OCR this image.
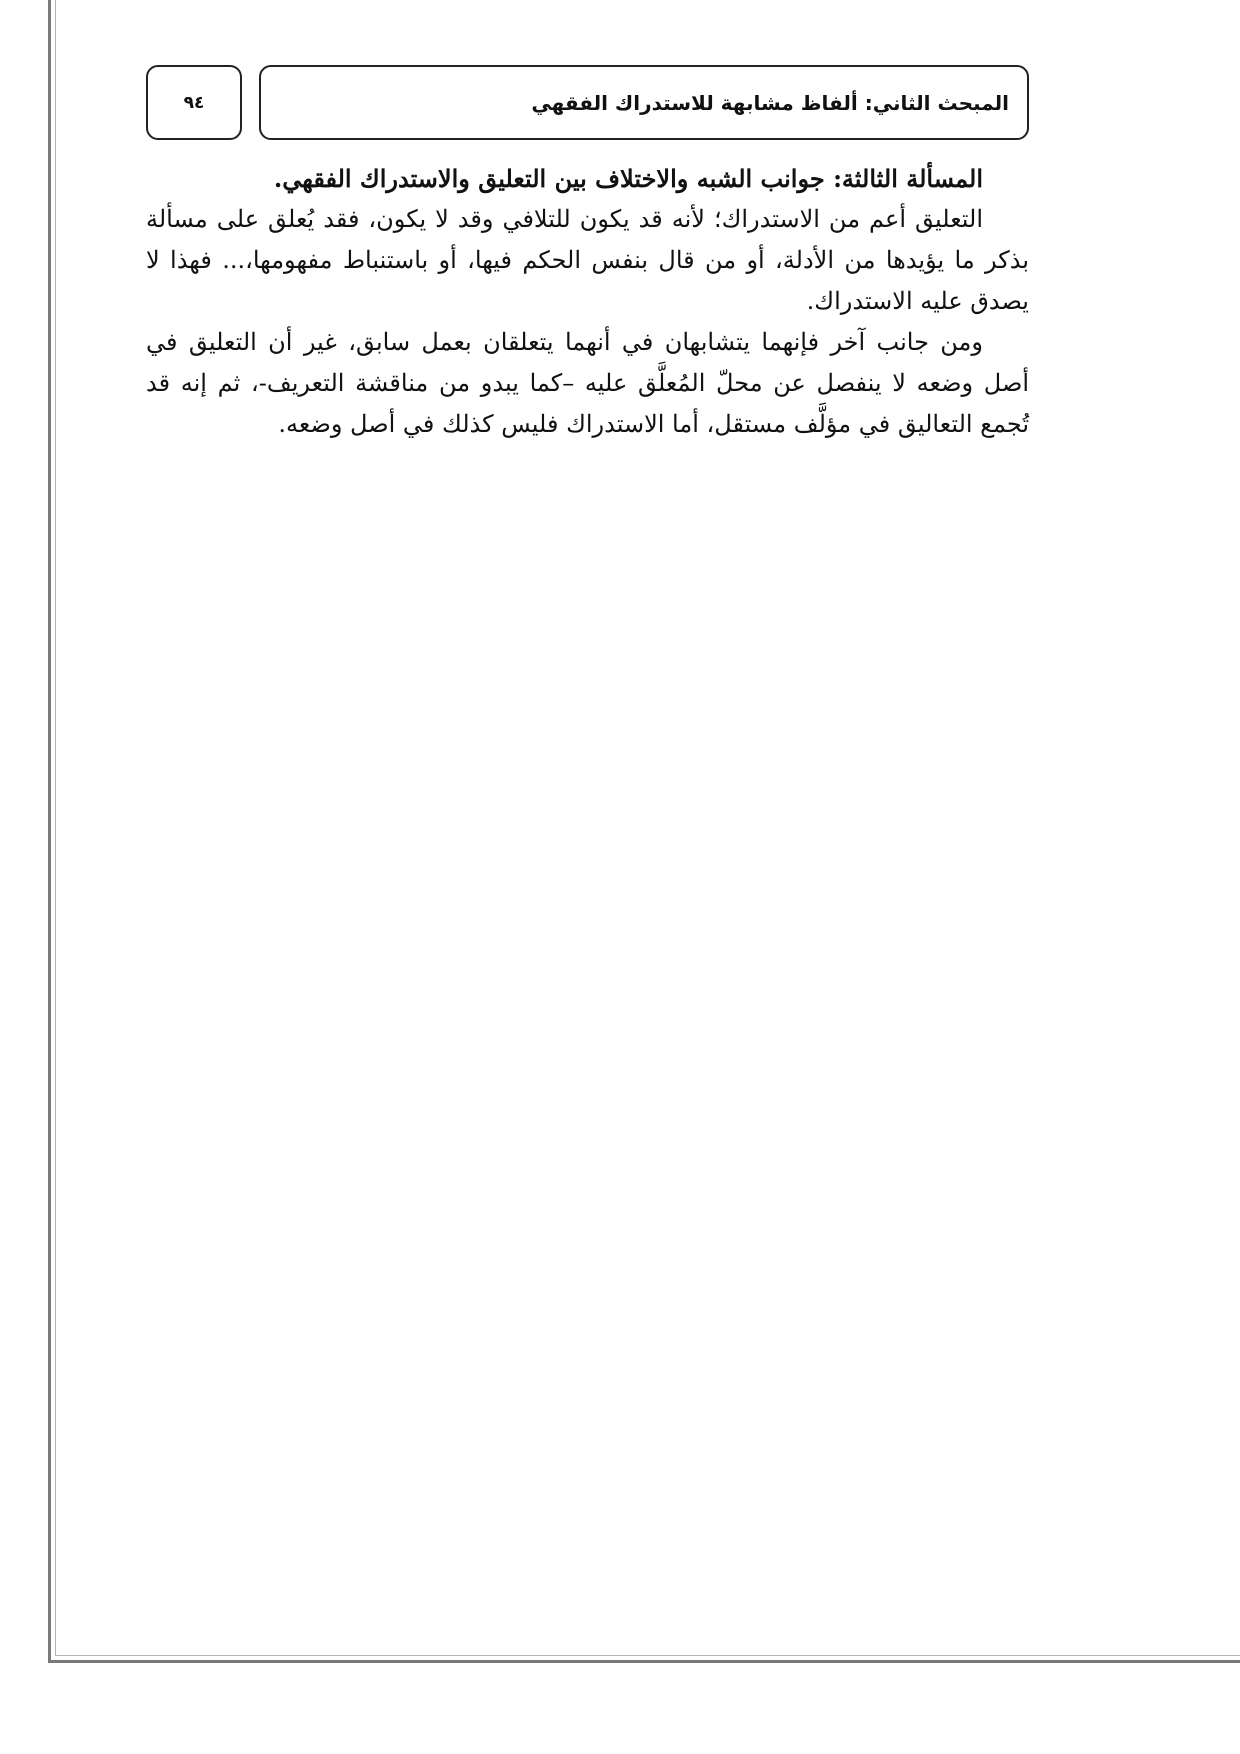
٩٤	المبحث الثاني: ألفاظ مشابهة للاستدراك الفقهي

المسألة الثالثة: جوانب الشبه والاختلاف بين التعليق والاستدراك الفقهي.

التعليق أعم من الاستدراك؛ لأنه قد يكون للتلافي وقد لا يكون، فقد يُعلق على مسألة بذكر ما يؤيدها من الأدلة، أو من قال بنفس الحكم فيها، أو باستنباط مفهومها،... فهذا لا يصدق عليه الاستدراك.

ومن جانب آخر فإنهما يتشابهان في أنهما يتعلقان بعمل سابق، غير أن التعليق في أصل وضعه لا ينفصل عن محلّ المُعلَّق عليه –كما يبدو من مناقشة التعريف-، ثم إنه قد تُجمع التعاليق في مؤلَّف مستقل، أما الاستدراك فليس كذلك في أصل وضعه.
